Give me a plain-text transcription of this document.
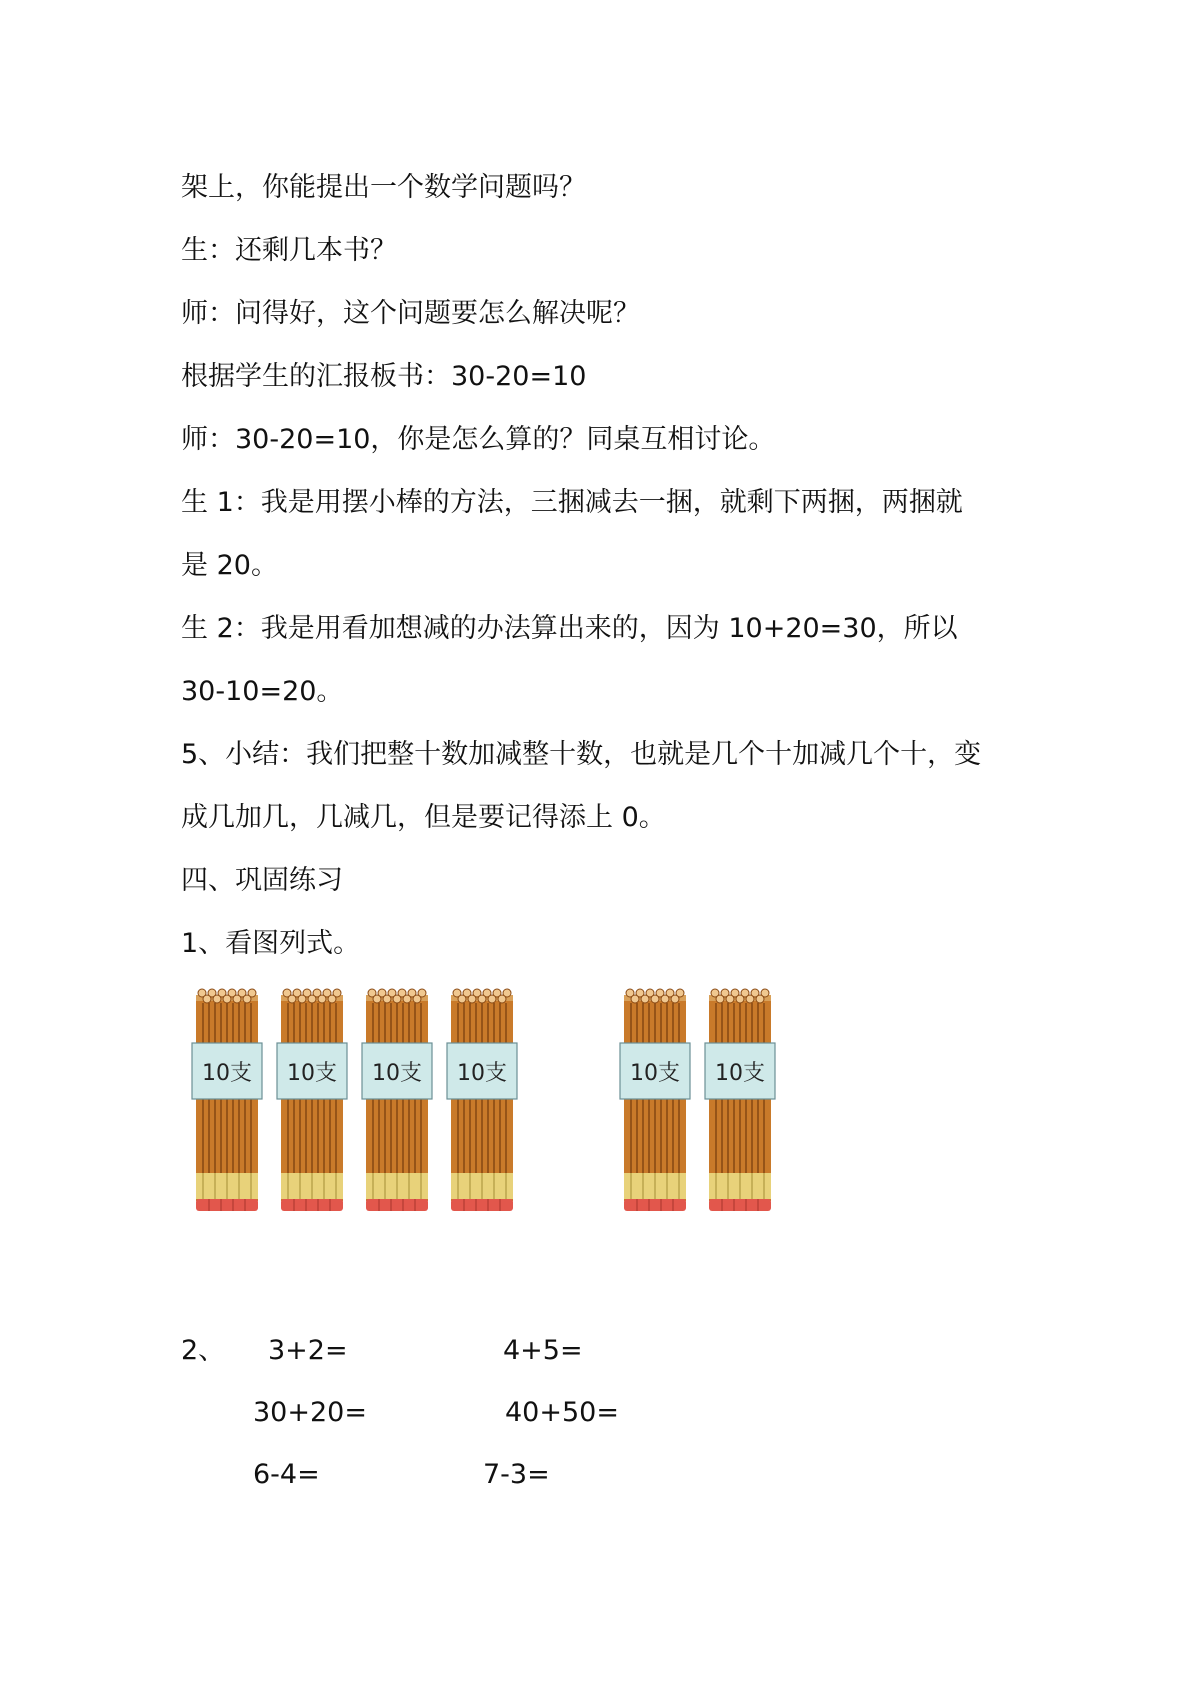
架上，你能提出一个数学问题吗？
生：还剩几本书？
师：问得好，这个问题要怎么解决呢？
根据学生的汇报板书：30-20=10
师：30-20=10，你是怎么算的？同桌互相讨论。
生 1：我是用摆小棒的方法，三捆减去一捆，就剩下两捆，两捆就
是 20。
生 2：我是用看加想减的办法算出来的，因为 10+20=30，所以
30-10=20。
5、小结：我们把整十数加减整十数，也就是几个十加减几个十，变
成几加几，几减几，但是要记得添上 0。
四、巩固练习
1、看图列式。
10支 10支 10支 10支	10支 10支
2、 3+2=	4+5=
30+20=	40+50=
6-4=	7-3=
